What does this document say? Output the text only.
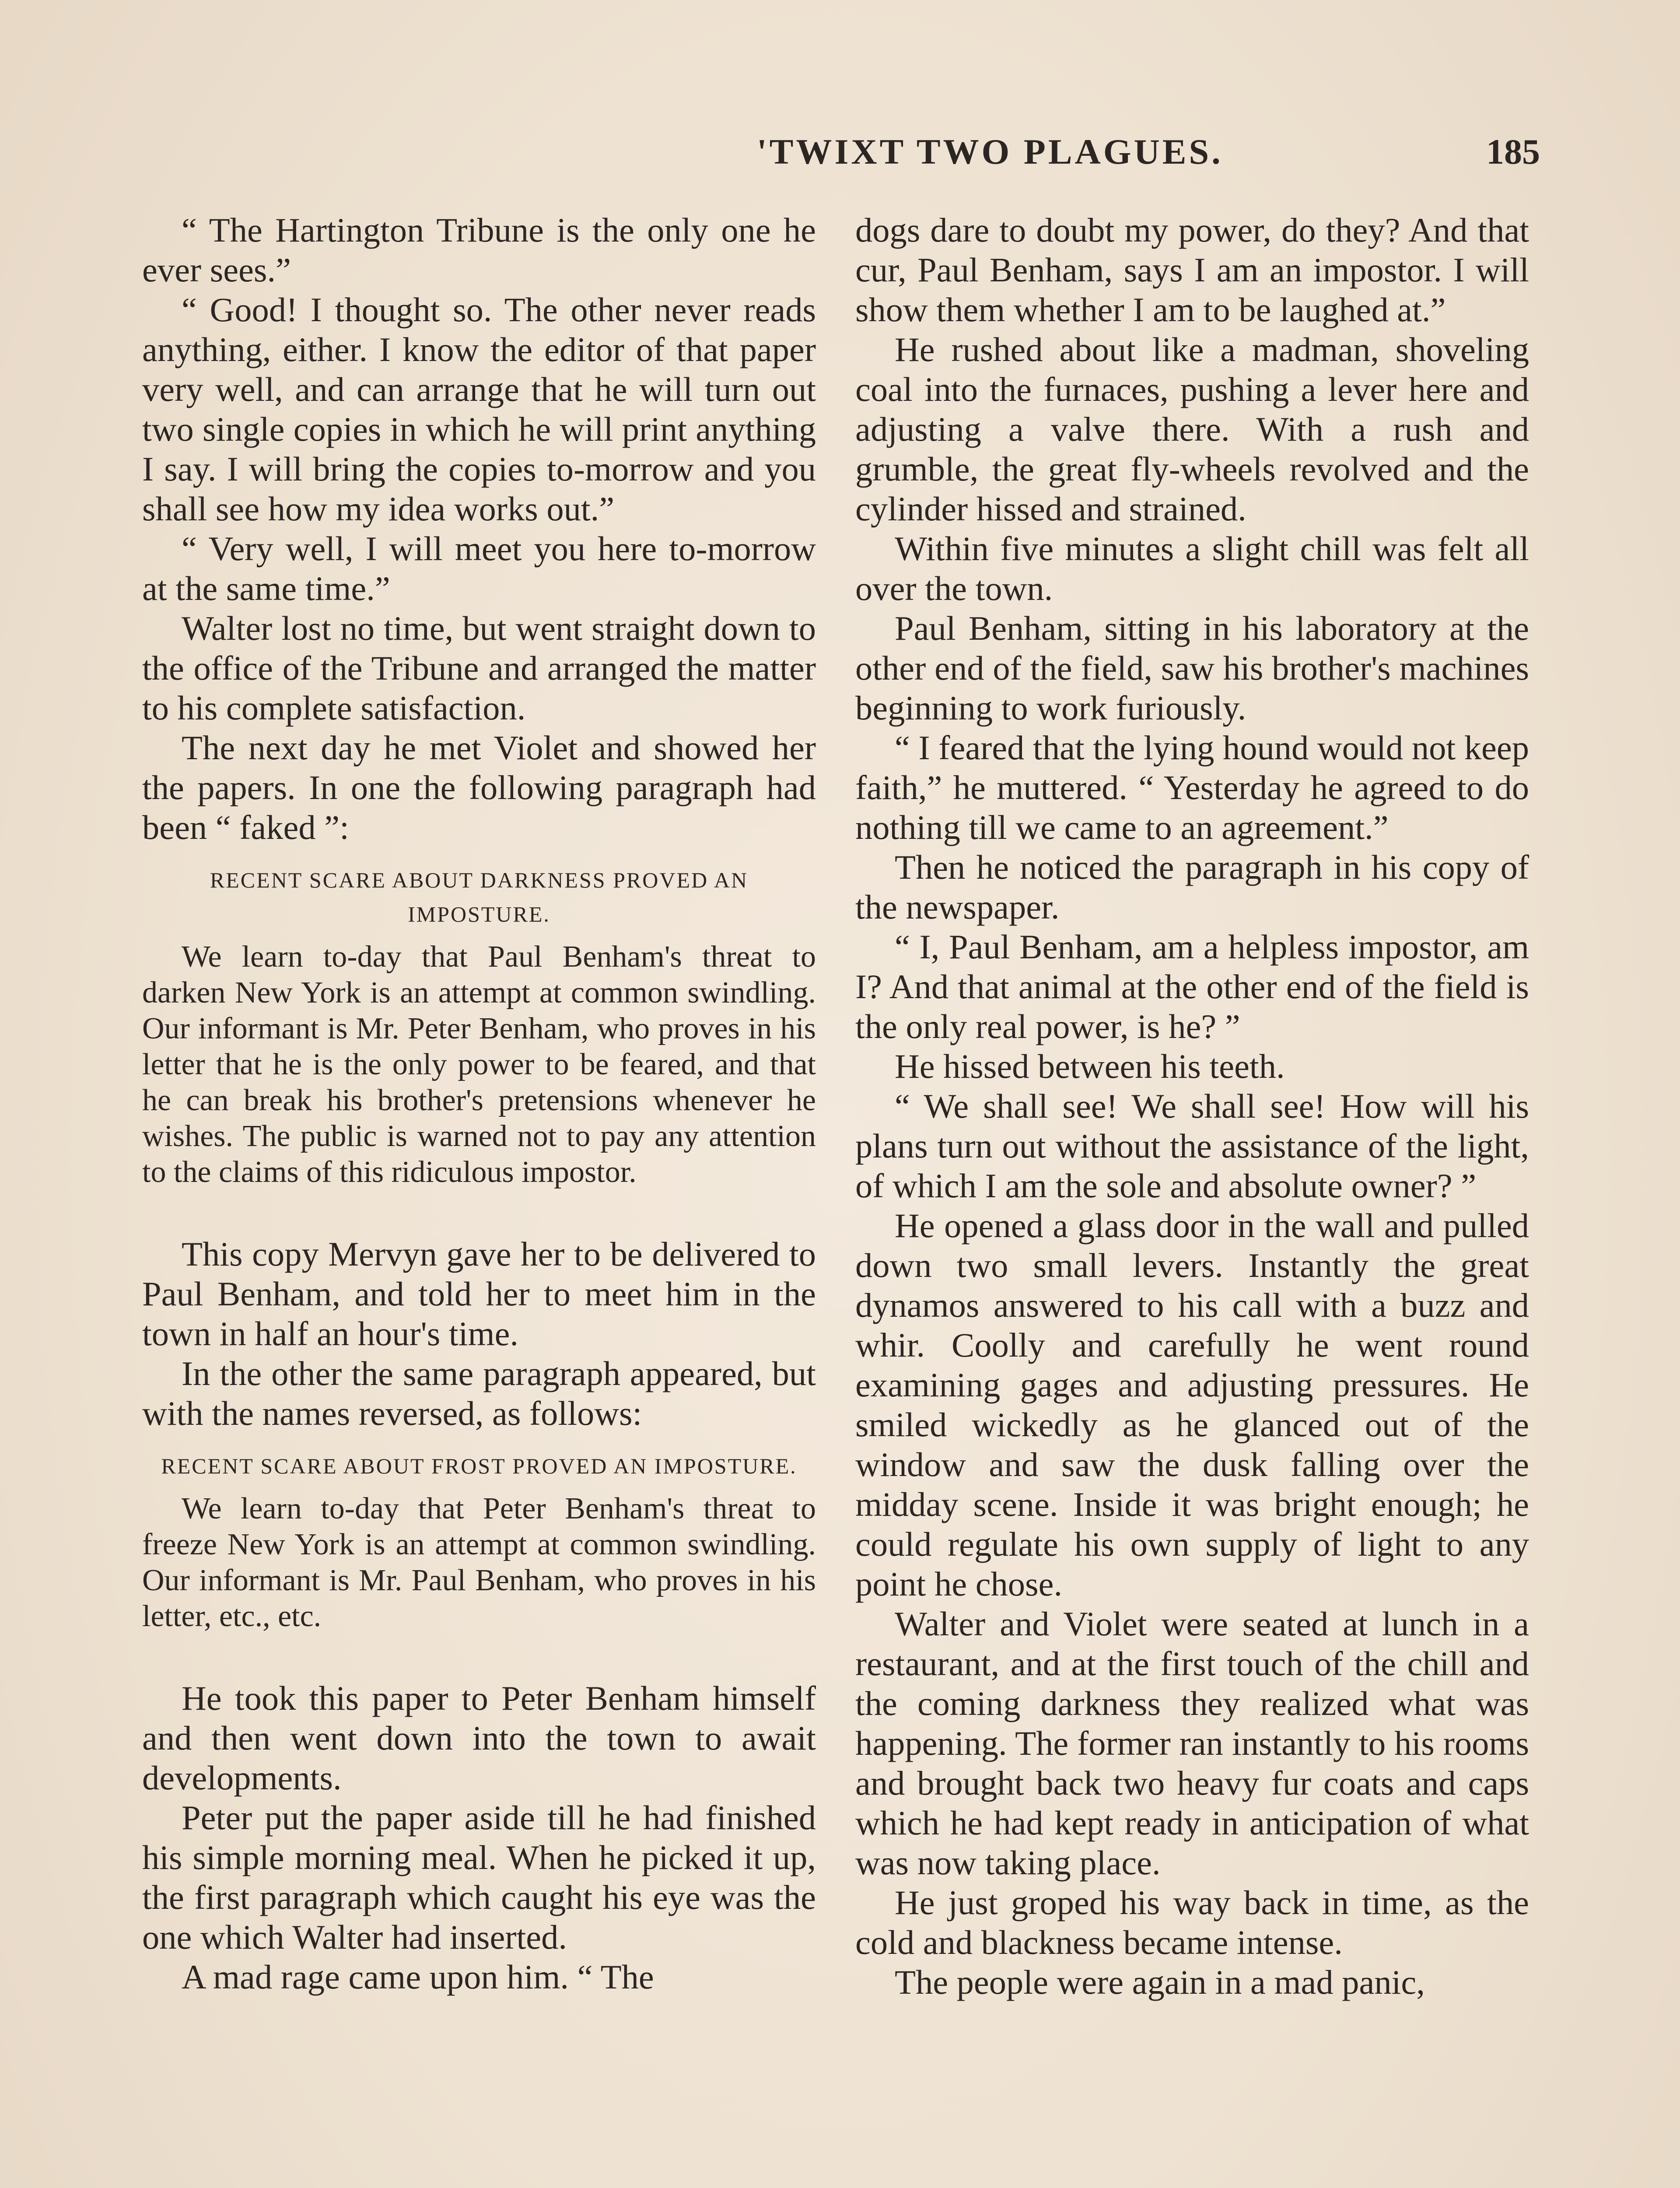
'TWIXT TWO PLAGUES.	185

“ The Hartington Tribune is the only one he ever sees.”

“ Good! I thought so. The other never reads anything, either. I know the editor of that paper very well, and can arrange that he will turn out two single copies in which he will print anything I say. I will bring the copies to-morrow and you shall see how my idea works out.”

“ Very well, I will meet you here to-morrow at the same time.”

Walter lost no time, but went straight down to the office of the Tribune and arranged the matter to his complete satisfaction.

The next day he met Violet and showed her the papers. In one the following paragraph had been “ faked ”:

RECENT SCARE ABOUT DARKNESS PROVED AN IMPOSTURE.

We learn to-day that Paul Benham's threat to darken New York is an attempt at common swindling. Our informant is Mr. Peter Benham, who proves in his letter that he is the only power to be feared, and that he can break his brother's pretensions whenever he wishes. The public is warned not to pay any attention to the claims of this ridiculous impostor.

This copy Mervyn gave her to be delivered to Paul Benham, and told her to meet him in the town in half an hour's time.

In the other the same paragraph appeared, but with the names reversed, as follows:

RECENT SCARE ABOUT FROST PROVED AN IMPOSTURE.

We learn to-day that Peter Benham's threat to freeze New York is an attempt at common swindling. Our informant is Mr. Paul Benham, who proves in his letter, etc., etc.

He took this paper to Peter Benham himself and then went down into the town to await developments.

Peter put the paper aside till he had finished his simple morning meal. When he picked it up, the first paragraph which caught his eye was the one which Walter had inserted.

A mad rage came upon him. “ The

dogs dare to doubt my power, do they? And that cur, Paul Benham, says I am an impostor. I will show them whether I am to be laughed at.”

He rushed about like a madman, shoveling coal into the furnaces, pushing a lever here and adjusting a valve there. With a rush and grumble, the great fly-wheels revolved and the cylinder hissed and strained.

Within five minutes a slight chill was felt all over the town.

Paul Benham, sitting in his laboratory at the other end of the field, saw his brother's machines beginning to work furiously.

“ I feared that the lying hound would not keep faith,” he muttered. “ Yesterday he agreed to do nothing till we came to an agreement.”

Then he noticed the paragraph in his copy of the newspaper.

“ I, Paul Benham, am a helpless impostor, am I? And that animal at the other end of the field is the only real power, is he? ”

He hissed between his teeth.

“ We shall see! We shall see! How will his plans turn out without the assistance of the light, of which I am the sole and absolute owner? ”

He opened a glass door in the wall and pulled down two small levers. Instantly the great dynamos answered to his call with a buzz and whir. Coolly and carefully he went round examining gages and adjusting pressures. He smiled wickedly as he glanced out of the window and saw the dusk falling over the midday scene. Inside it was bright enough; he could regulate his own supply of light to any point he chose.

Walter and Violet were seated at lunch in a restaurant, and at the first touch of the chill and the coming darkness they realized what was happening. The former ran instantly to his rooms and brought back two heavy fur coats and caps which he had kept ready in anticipation of what was now taking place.

He just groped his way back in time, as the cold and blackness became intense.

The people were again in a mad panic,
